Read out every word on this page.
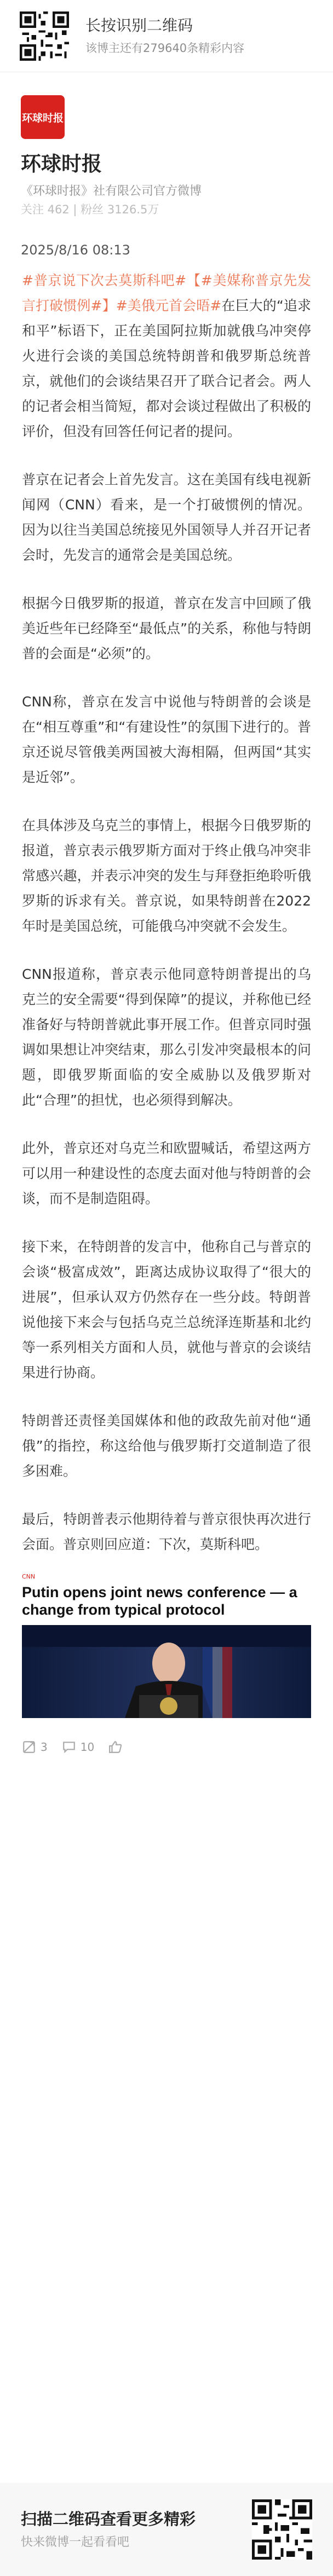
长按识别二维码
该博主还有279640条精彩内容
环球时报
环球时报
《环球时报》社有限公司官方微博
关注 462 | 粉丝 3126.5万
2025/8/16 08:13

#普京说下次去莫斯科吧#【#美媒称普京先发言打破惯例#】#美俄元首会晤#在巨大的“追求和平”标语下，正在美国阿拉斯加就俄乌冲突停火进行会谈的美国总统特朗普和俄罗斯总统普京，就他们的会谈结果召开了联合记者会。两人的记者会相当简短，都对会谈过程做出了积极的评价，但没有回答任何记者的提问。

普京在记者会上首先发言。这在美国有线电视新闻网（CNN）看来，是一个打破惯例的情况。因为以往当美国总统接见外国领导人并召开记者会时，先发言的通常会是美国总统。

根据今日俄罗斯的报道，普京在发言中回顾了俄美近些年已经降至“最低点”的关系，称他与特朗普的会面是“必须”的。

CNN称，普京在发言中说他与特朗普的会谈是在“相互尊重”和“有建设性”的氛围下进行的。普京还说尽管俄美两国被大海相隔，但两国“其实是近邻”。

在具体涉及乌克兰的事情上，根据今日俄罗斯的报道，普京表示俄罗斯方面对于终止俄乌冲突非常感兴趣，并表示冲突的发生与拜登拒绝聆听俄罗斯的诉求有关。普京说，如果特朗普在2022年时是美国总统，可能俄乌冲突就不会发生。

CNN报道称，普京表示他同意特朗普提出的乌克兰的安全需要“得到保障”的提议，并称他已经准备好与特朗普就此事开展工作。但普京同时强调如果想让冲突结束，那么引发冲突最根本的问题，即俄罗斯面临的安全威胁以及俄罗斯对此“合理”的担忧，也必须得到解决。

此外，普京还对乌克兰和欧盟喊话，希望这两方可以用一种建设性的态度去面对他与特朗普的会谈，而不是制造阻碍。

接下来，在特朗普的发言中，他称自己与普京的会谈“极富成效”，距离达成协议取得了“很大的进展”，但承认双方仍然存在一些分歧。特朗普说他接下来会与包括乌克兰总统泽连斯基和北约等一系列相关方面和人员，就他与普京的会谈结果进行协商。

特朗普还责怪美国媒体和他的政敌先前对他“通俄”的指控，称这给他与俄罗斯打交道制造了很多困难。

最后，特朗普表示他期待着与普京很快再次进行会面。普京则回应道：下次，莫斯科吧。

CNN
Putin opens joint news conference — a change from typical protocol
3	10
扫描二维码查看更多精彩
快来微博一起看看吧
